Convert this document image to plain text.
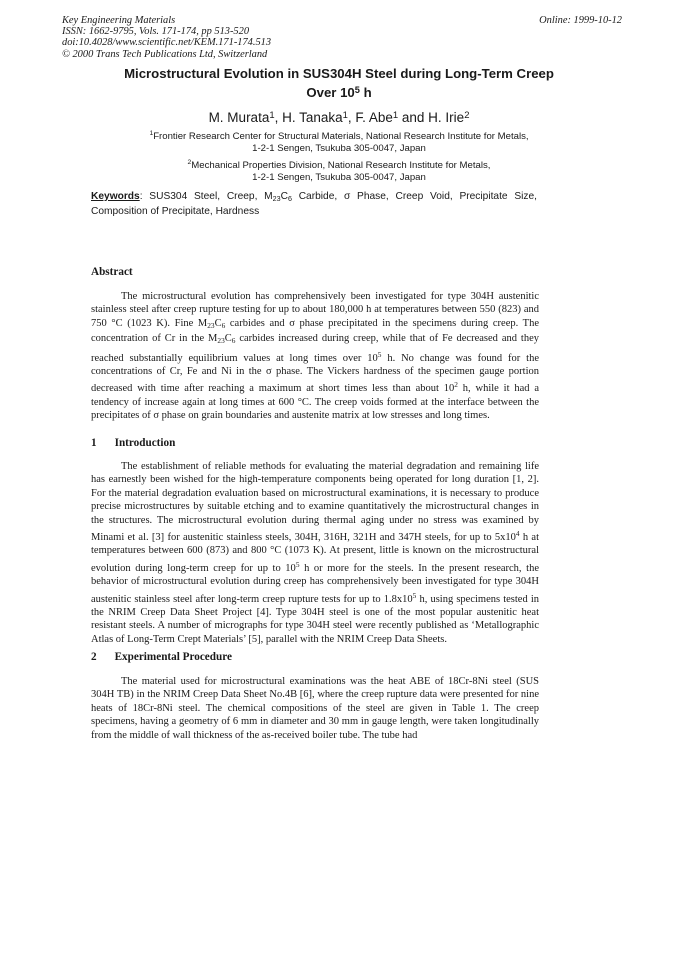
Key Engineering Materials
ISSN: 1662-9795, Vols. 171-174, pp 513-520
doi:10.4028/www.scientific.net/KEM.171-174.513
© 2000 Trans Tech Publications Ltd, Switzerland
Online: 1999-10-12
Microstructural Evolution in SUS304H Steel during Long-Term Creep
Over $10^5$ h
M. Murata$^1$, H. Tanaka$^1$, F. Abe$^1$ and H. Irie$^2$
$^1$Frontier Research Center for Structural Materials, National Research Institute for Metals,
1-2-1 Sengen, Tsukuba 305-0047, Japan
$^2$Mechanical Properties Division, National Research Institute for Metals,
1-2-1 Sengen, Tsukuba 305-0047, Japan
Keywords: SUS304 Steel, Creep, $M_{23}C_6$ Carbide, σ Phase, Creep Void, Precipitate Size, Composition of Precipitate, Hardness
Abstract

The microstructural evolution has comprehensively been investigated for type 304H austenitic stainless steel after creep rupture testing for up to about 180,000 h at temperatures between 550 (823) and 750 °C (1023 K). Fine $M_{23}C_6$ carbides and σ phase precipitated in the specimens during creep. The concentration of Cr in the $M_{23}C_6$ carbides increased during creep, while that of Fe decreased and they reached substantially equilibrium values at long times over $10^5$ h. No change was found for the concentrations of Cr, Fe and Ni in the σ phase. The Vickers hardness of the specimen gauge portion decreased with time after reaching a maximum at short times less than about $10^2$ h, while it had a tendency of increase again at long times at 600 °C. The creep voids formed at the interface between the precipitates of σ phase on grain boundaries and austenite matrix at low stresses and long times.

1 Introduction

The establishment of reliable methods for evaluating the material degradation and remaining life has earnestly been wished for the high-temperature components being operated for long duration [1, 2]. For the material degradation evaluation based on microstructural examinations, it is necessary to produce precise microstructures by suitable etching and to examine quantitatively the microstructural changes in the structures. The microstructural evolution during thermal aging under no stress was examined by Minami et al. [3] for austenitic stainless steels, 304H, 316H, 321H and 347H steels, for up to $5x10^4$ h at temperatures between 600 (873) and 800 °C (1073 K). At present, little is known on the microstructural evolution during long-term creep for up to $10^5$ h or more for the steels. In the present research, the behavior of microstructural evolution during creep has comprehensively been investigated for type 304H austenitic stainless steel after long-term creep rupture tests for up to $1.8x10^5$ h, using specimens tested in the NRIM Creep Data Sheet Project [4]. Type 304H steel is one of the most popular austenitic heat resistant steels. A number of micrographs for type 304H steel were recently published as ‘Metallographic Atlas of Long-Term Crept Materials’ [5], parallel with the NRIM Creep Data Sheets.

2 Experimental Procedure

The material used for microstructural examinations was the heat ABE of 18Cr-8Ni steel (SUS 304H TB) in the NRIM Creep Data Sheet No.4B [6], where the creep rupture data were presented for nine heats of 18Cr-8Ni steel. The chemical compositions of the steel are given in Table 1. The creep specimens, having a geometry of 6 mm in diameter and 30 mm in gauge length, were taken longitudinally from the middle of wall thickness of the as-received boiler tube. The tube had
